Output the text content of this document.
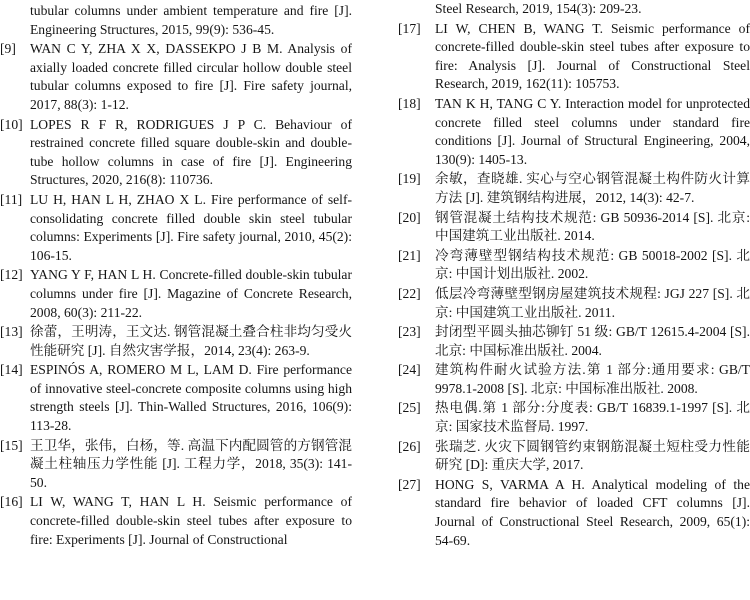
tubular columns under ambient temperature and fire [J]. Engineering Structures, 2015, 99(9): 536-45.
[9]	WAN C Y, ZHA X X, DASSEKPO J B M. Analysis of axially loaded concrete filled circular hollow double steel tubular columns exposed to fire [J]. Fire safety journal, 2017, 88(3): 1-12.
[10] LOPES R F R, RODRIGUES J P C. Behaviour of restrained concrete filled square double-skin and double-tube hollow columns in case of fire [J]. Engineering Structures, 2020, 216(8): 110736.
[11] LU H, HAN L H, ZHAO X L. Fire performance of self-consolidating concrete filled double skin steel tubular columns: Experiments [J]. Fire safety journal, 2010, 45(2): 106-15.
[12] YANG Y F, HAN L H. Concrete-filled double-skin tubular columns under fire [J]. Magazine of Concrete Research, 2008, 60(3): 211-22.
[13] 徐蕾，王明涛，王文达. 钢管混凝土叠合柱非均匀受火性能研究 [J]. 自然灾害学报，2014, 23(4): 263-9.
[14] ESPINÓS A, ROMERO M L, LAM D. Fire performance of innovative steel-concrete composite columns using high strength steels [J]. Thin-Walled Structures, 2016, 106(9): 113-28.
[15] 王卫华，张伟，白杨，等. 高温下内配圆管的方钢管混凝土柱轴压力学性能 [J]. 工程力学，2018, 35(3): 141-50.
[16] LI W, WANG T, HAN L H. Seismic performance of concrete-filled double-skin steel tubes after exposure to fire: Experiments [J]. Journal of Constructional
Steel Research, 2019, 154(3): 209-23.
[17]	LI W, CHEN B, WANG T. Seismic performance of concrete-filled double-skin steel tubes after exposure to fire: Analysis [J]. Journal of Constructional Steel Research, 2019, 162(11): 105753.
[18]	TAN K H, TANG C Y. Interaction model for unprotected concrete filled steel columns under standard fire conditions [J]. Journal of Structural Engineering, 2004, 130(9): 1405-13.
[19]	余敏，查晓雄. 实心与空心钢管混凝土构件防火计算方法 [J]. 建筑钢结构进展，2012, 14(3): 42-7.
[20]	钢管混凝土结构技术规范: GB 50936-2014 [S]. 北京: 中国建筑工业出版社. 2014.
[21]	冷弯薄壁型钢结构技术规范: GB 50018-2002 [S]. 北京: 中国计划出版社. 2002.
[22]	低层冷弯薄壁型钢房屋建筑技术规程: JGJ 227 [S]. 北京: 中国建筑工业出版社. 2011.
[23]	封闭型平圆头抽芯铆钉 51 级: GB/T 12615.4-2004 [S]. 北京: 中国标准出版社. 2004.
[24]	建筑构件耐火试验方法.第 1 部分:通用要求: GB/T 9978.1-2008 [S]. 北京: 中国标准出版社. 2008.
[25]	热电偶.第 1 部分:分度表: GB/T 16839.1-1997 [S]. 北京: 国家技术监督局. 1997.
[26]	张瑞芝. 火灾下圆钢管约束钢筋混凝土短柱受力性能研究 [D]: 重庆大学, 2017.
[27]	HONG S, VARMA A H. Analytical modeling of the standard fire behavior of loaded CFT columns [J]. Journal of Constructional Steel Research, 2009, 65(1): 54-69.
